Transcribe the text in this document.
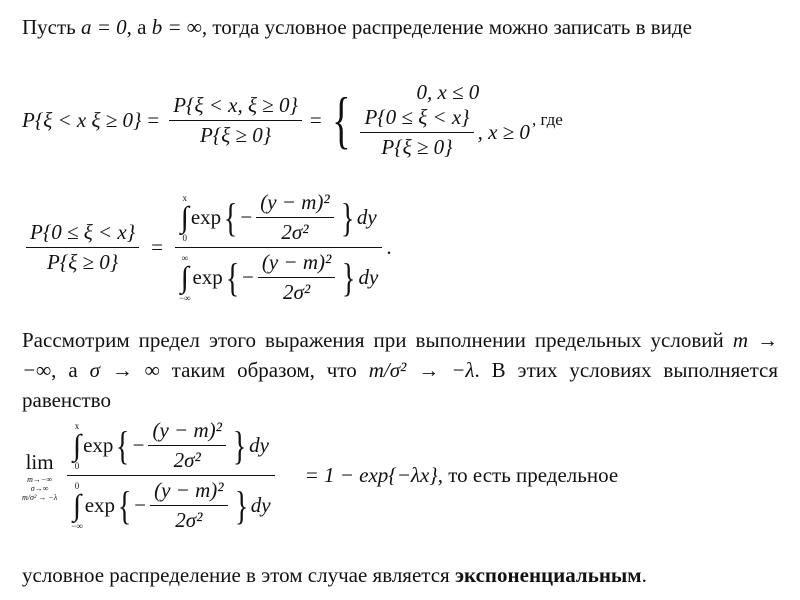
Пусть a = 0, а b = ∞, тогда условное распределение можно записать в виде
P{ξ < x $\xi \ge 0\} = \frac{P\{\xi < x, \xi \ge 0\}}{P\{\xi \ge 0\}}$ = {	0, x ≤ 0
$\frac{P\{0 \le \xi < x\}}{P\{\xi \ge 0\}}$ , x ≥ 0
, где
$\frac{P\{0 \le \xi < x\}}{P\{\xi \ge 0\}}$ =
x
∫
0
exp { − $\frac{\text{(y − m)²}}{\text{2σ²}}$ } dy
∞
∫
−∞
exp { − $\frac{\text{(y − m)²}}{\text{2σ²}}$ } dy
.
Рассмотрим предел этого выражения при выполнении предельных условий m → −∞, а σ → ∞ таким образом, что m/σ² → −λ. В этих условиях выполняется равенство
lim
m→−∞
σ→∞
m/σ² → −λ
x
∫
0
exp { − $\frac{\text{(y − m)²}}{\text{2σ²}}$ } dy
0
∫
−∞
exp { − $\frac{\text{(y − m)²}}{\text{2σ²}}$ } dy
= 1 − exp{−λx} , то есть предельное
условное распределение в этом случае является экспоненциальным.
